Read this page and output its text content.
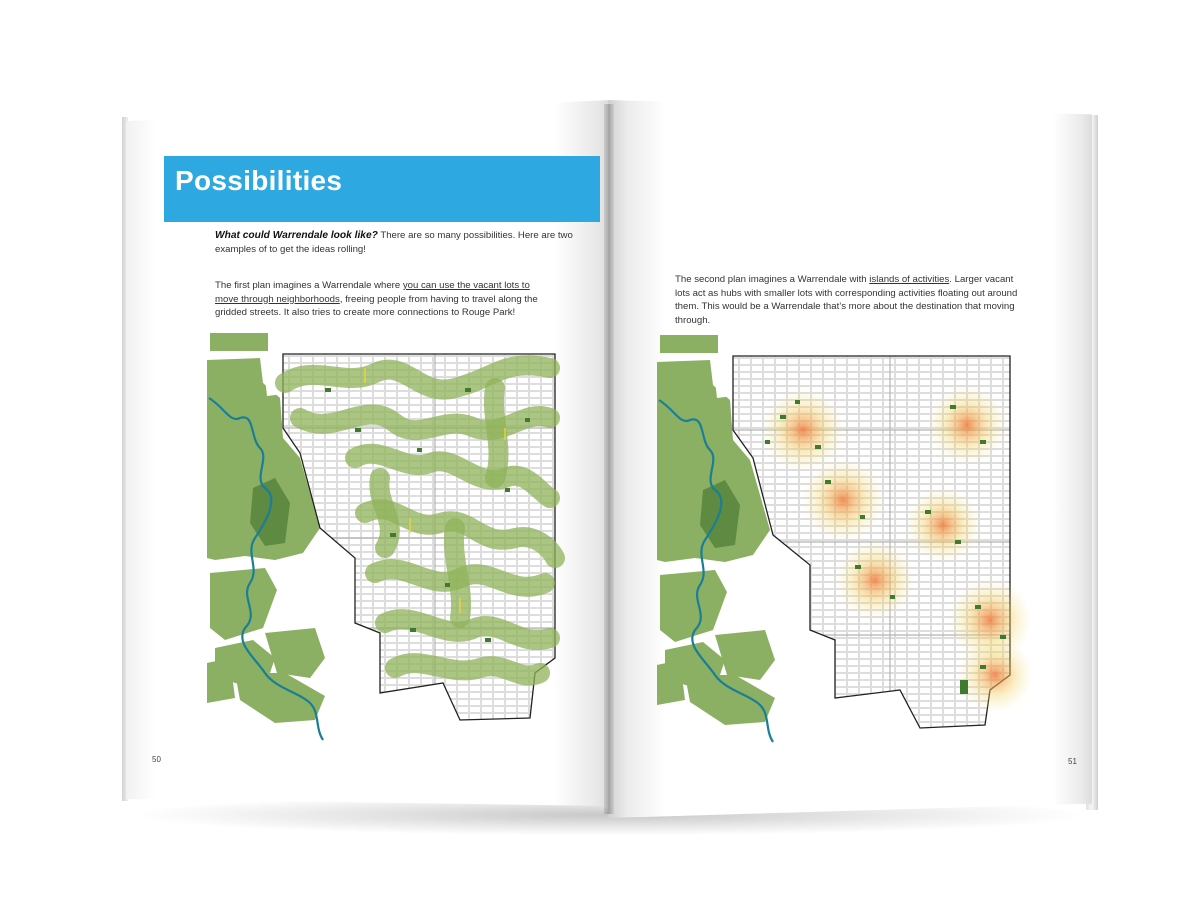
Possibilities
What could Warrendale look like? There are so many possibilities. Here are two examples of to get the ideas rolling!
The first plan imagines a Warrendale where you can use the vacant lots to move through neighborhoods, freeing people from having to travel along the gridded streets. It also tries to create more connections to Rouge Park!
50
The second plan imagines a Warrendale with islands of activities. Larger vacant lots act as hubs with smaller lots with corresponding activities floating out around them. This would be a Warrendale that’s more about the destination that moving through.
51
